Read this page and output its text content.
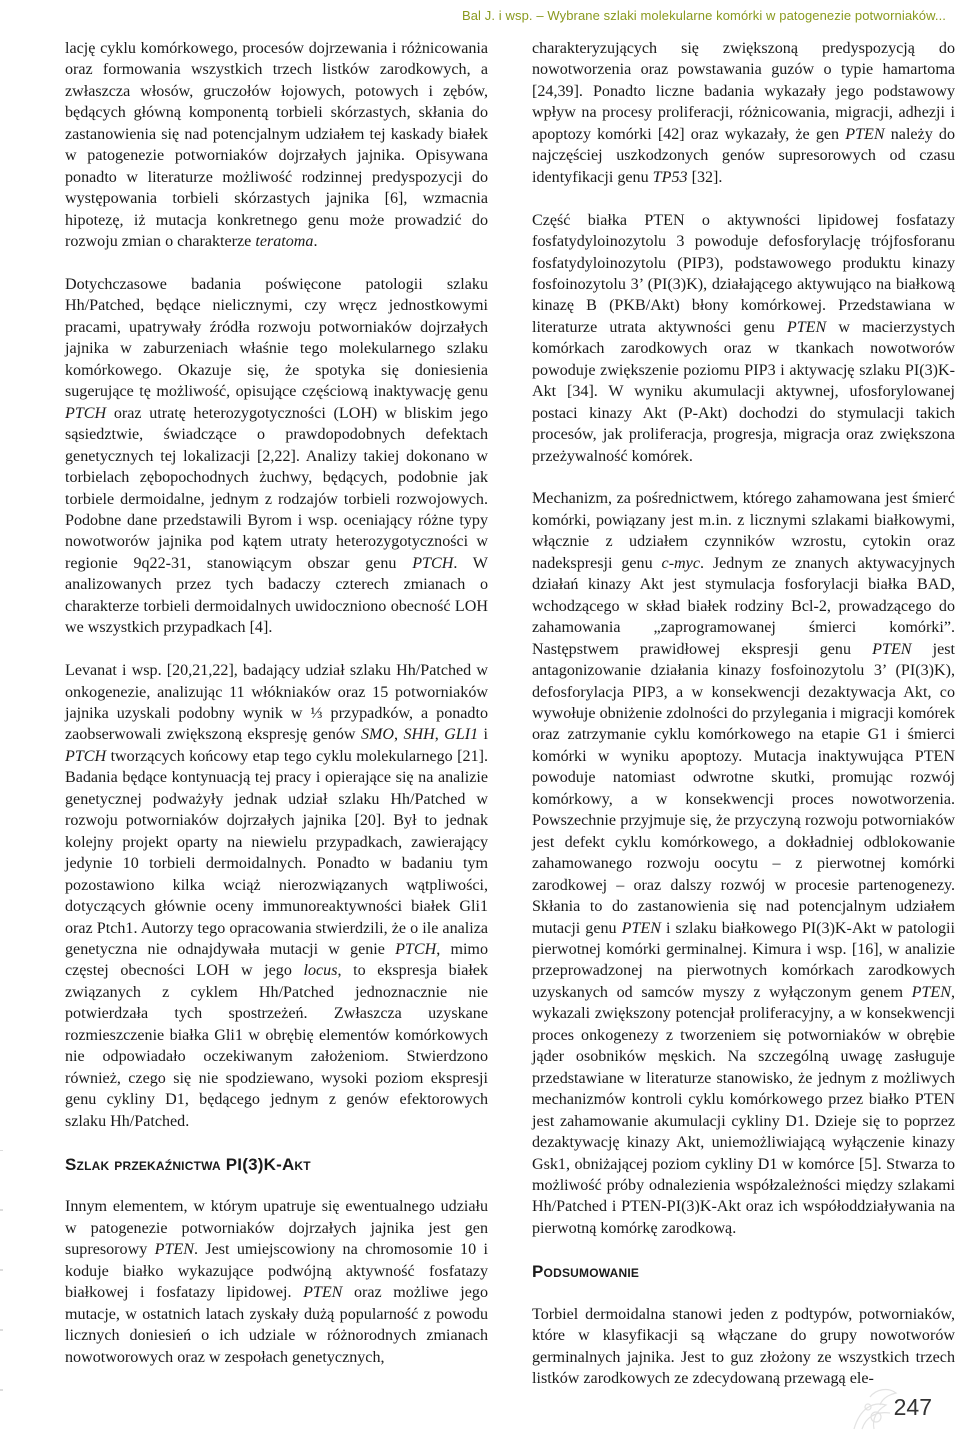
Bal J. i wsp. – Wybrane szlaki molekularne komórki w patogenezie potworniaków...

lację cyklu komórkowego, procesów dojrzewania i różnicowania oraz formowania wszystkich trzech listków zarodkowych, a zwłaszcza włosów, gruczołów łojowych, potowych i zębów, będących główną komponentą torbieli skórzastych, skłania do zastanowienia się nad potencjalnym udziałem tej kaskady białek w patogenezie potworniaków dojrzałych jajnika. Opisywana ponadto w literaturze możliwość rodzinnej predyspozycji do występowania torbieli skórzastych jajnika [6], wzmacnia hipotezę, iż mutacja konkretnego genu może prowadzić do rozwoju zmian o charakterze teratoma.

Dotychczasowe badania poświęcone patologii szlaku Hh/Patched, będące nielicznymi, czy wręcz jednostkowymi pracami, upatrywały źródła rozwoju potworniaków dojrzałych jajnika w zaburzeniach właśnie tego molekularnego szlaku komórkowego. Okazuje się, że spotyka się doniesienia sugerujące tę możliwość, opisujące częściową inaktywację genu PTCH oraz utratę heterozygotyczności (LOH) w bliskim jego sąsiedztwie, świadczące o prawdopodobnych defektach genetycznych tej lokalizacji [2,22]. Analizy takiej dokonano w torbielach zębopochodnych żuchwy, będących, podobnie jak torbiele dermoidalne, jednym z rodzajów torbieli rozwojowych. Podobne dane przedstawili Byrom i wsp. oceniający różne typy nowotworów jajnika pod kątem utraty heterozygotyczności w regionie 9q22-31, stanowiącym obszar genu PTCH. W analizowanych przez tych badaczy czterech zmianach o charakterze torbieli dermoidalnych uwidoczniono obecność LOH we wszystkich przypadkach [4].

Levanat i wsp. [20,21,22], badający udział szlaku Hh/Patched w onkogenezie, analizując 11 włókniaków oraz 15 potworniaków jajnika uzyskali podobny wynik w ⅓ przypadków, a ponadto zaobserwowali zwiększoną ekspresję genów SMO, SHH, GLI1 i PTCH tworzących końcowy etap tego cyklu molekularnego [21]. Badania będące kontynuacją tej pracy i opierające się na analizie genetycznej podważyły jednak udział szlaku Hh/Patched w rozwoju potworniaków dojrzałych jajnika [20]. Był to jednak kolejny projekt oparty na niewielu przypadkach, zawierający jedynie 10 torbieli dermoidalnych. Ponadto w badaniu tym pozostawiono kilka wciąż nierozwiązanych wątpliwości, dotyczących głównie oceny immunoreaktywności białek Gli1 oraz Ptch1. Autorzy tego opracowania stwierdzili, że o ile analiza genetyczna nie odnajdywała mutacji w genie PTCH, mimo częstej obecności LOH w jego locus, to ekspresja białek związanych z cyklem Hh/Patched jednoznacznie nie potwierdzała tych spostrzeżeń. Zwłaszcza uzyskane rozmieszczenie białka Gli1 w obrębię elementów komórkowych nie odpowiadało oczekiwanym założeniom. Stwierdzono również, czego się nie spodziewano, wysoki poziom ekspresji genu cykliny D1, będącego jednym z genów efektorowych szlaku Hh/Patched.

Szlak przekaźnictwa PI(3)K-Akt

Innym elementem, w którym upatruje się ewentualnego udziału w patogenezie potworniaków dojrzałych jajnika jest gen supresorowy PTEN. Jest umiejscowiony na chromosomie 10 i koduje białko wykazujące podwójną aktywność fosfatazy białkowej i fosfatazy lipidowej. PTEN oraz możliwe jego mutacje, w ostatnich latach zyskały dużą popularność z powodu licznych doniesień o ich udziale w różnorodnych zmianach nowotworowych oraz w zespołach genetycznych,

charakteryzujących się zwiększoną predyspozycją do nowotworzenia oraz powstawania guzów o typie hamartoma [24,39]. Ponadto liczne badania wykazały jego podstawowy wpływ na procesy proliferacji, różnicowania, migracji, adhezji i apoptozy komórki [42] oraz wykazały, że gen PTEN należy do najczęściej uszkodzonych genów supresorowych od czasu identyfikacji genu TP53 [32].

Część białka PTEN o aktywności lipidowej fosfatazy fosfatydyloinozytolu 3 powoduje defosforylację trójfosforanu fosfatydyloinozytolu (PIP3), podstawowego produktu kinazy fosfoinozytolu 3’ (PI(3)K), działającego aktywująco na białkową kinazę B (PKB/Akt) błony komórkowej. Przedstawiana w literaturze utrata aktywności genu PTEN w macierzystych komórkach zarodkowych oraz w tkankach nowotworów powoduje zwiększenie poziomu PIP3 i aktywację szlaku PI(3)K-Akt [34]. W wyniku akumulacji aktywnej, ufosforylowanej postaci kinazy Akt (P-Akt) dochodzi do stymulacji takich procesów, jak proliferacja, progresja, migracja oraz zwiększona przeżywalność komórek.

Mechanizm, za pośrednictwem, którego zahamowana jest śmierć komórki, powiązany jest m.in. z licznymi szlakami białkowymi, włącznie z udziałem czynników wzrostu, cytokin oraz nadekspresji genu c-myc. Jednym ze znanych aktywacyjnych działań kinazy Akt jest stymulacja fosforylacji białka BAD, wchodzącego w skład białek rodziny Bcl-2, prowadzącego do zahamowania „zaprogramowanej śmierci komórki”. Następstwem prawidłowej ekspresji genu PTEN jest antagonizowanie działania kinazy fosfoinozytolu 3’ (PI(3)K), defosforylacja PIP3, a w konsekwencji dezaktywacja Akt, co wywołuje obniżenie zdolności do przylegania i migracji komórek oraz zatrzymanie cyklu komórkowego na etapie G1 i śmierci komórki w wyniku apoptozy. Mutacja inaktywująca PTEN powoduje natomiast odwrotne skutki, promując rozwój komórkowy, a w konsekwencji proces nowotworzenia. Powszechnie przyjmuje się, że przyczyną rozwoju potworniaków jest defekt cyklu komórkowego, a dokładniej odblokowanie zahamowanego rozwoju oocytu – z pierwotnej komórki zarodkowej – oraz dalszy rozwój w procesie partenogenezy. Skłania to do zastanowienia się nad potencjalnym udziałem mutacji genu PTEN i szlaku białkowego PI(3)K-Akt w patologii pierwotnej komórki germinalnej. Kimura i wsp. [16], w analizie przeprowadzonej na pierwotnych komórkach zarodkowych uzyskanych od samców myszy z wyłączonym genem PTEN, wykazali zwiększony potencjał proliferacyjny, a w konsekwencji proces onkogenezy z tworzeniem się potworniaków w obrębie jąder osobników męskich. Na szczególną uwagę zasługuje przedstawiane w literaturze stanowisko, że jednym z możliwych mechanizmów kontroli cyklu komórkowego przez białko PTEN jest zahamowanie akumulacji cykliny D1. Dzieje się to poprzez dezaktywację kinazy Akt, uniemożliwiającą wyłączenie kinazy Gsk1, obniżającej poziom cykliny D1 w komórce [5]. Stwarza to możliwość próby odnalezienia współzależności między szlakami Hh/Patched i PTEN-PI(3)K-Akt oraz ich współoddziaływania na pierwotną komórkę zarodkową.

Podsumowanie

Torbiel dermoidalna stanowi jeden z podtypów, potworniaków, które w klasyfikacji są włączane do grupy nowotworów germinalnych jajnika. Jest to guz złożony ze wszystkich trzech listków zarodkowych ze zdecydowaną przewagą ele-

247
